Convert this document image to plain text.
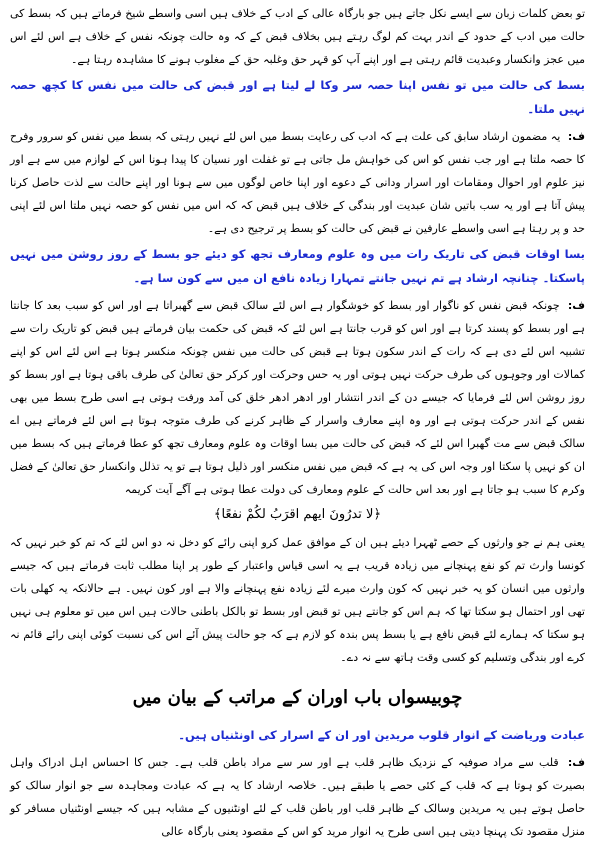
تو بعض کلمات زبان سے ایسے نکل جاتے ہیں جو بارگاہ عالی کے ادب کے خلاف ہیں اسی واسطے شیخ فرماتے ہیں کہ بسط کی حالت میں ادب کے حدود کے اندر بہت کم لوگ رہتے ہیں بخلاف قبض کے کہ وہ حالت چونکہ نفس کے خلاف ہے اس لئے اس میں عجز وانکسار وعبدیت قائم رہتی ہے اور اپنے آپ کو قہر حق وغلبہ حق کے مغلوب ہونے کا مشاہدہ رہتا ہے۔

بسط کی حالت میں تو نفس اپنا حصہ سر وکا لے لیتا ہے اور قبض کی حالت میں نفس کا کچھ حصہ نہیں ملتا۔

ف: یہ مضمون ارشاد سابق کی علت ہے کہ ادب کی رعایت بسط میں اس لئے نہیں رہتی کہ بسط میں نفس کو سرور وفرح کا حصہ ملتا ہے اور جب نفس کو اس کی خواہش مل جاتی ہے تو غفلت اور نسیان کا پیدا ہونا اس کے لوازم میں سے ہے اور نیز علوم اور احوال ومقامات اور اسرار ودانی کے دعوے اور اپنا خاص لوگوں میں سے ہونا اور اپنے حالت سے لذت حاصل کرنا پیش آتا ہے اور یہ سب باتیں شان عبدیت اور بندگی کے خلاف ہیں قبض کہ کہ اس میں نفس کو حصہ نہیں ملتا اس لئے اپنی حد و پر رہتا ہے اسی واسطے عارفین نے قبض کی حالت کو بسط پر ترجیح دی ہے۔

بسا اوقات قبض کی تاریک رات میں وہ علوم ومعارف تجھ کو دیئے جو بسط کے روز روشن میں نہیں پاسکتا۔ چنانچہ ارشاد ہے تم نہیں جانتے تمہارا زیادہ نافع ان میں سے کون سا ہے۔

ف: چونکہ قبض نفس کو ناگوار اور بسط کو خوشگوار ہے اس لئے سالک قبض سے گھبراتا ہے اور اس کو سبب بعد کا جانتا ہے اور بسط کو پسند کرتا ہے اور اس کو قرب جانتا ہے اس لئے کہ قبض کی حکمت بیان فرماتے ہیں قبض کو تاریک رات سے تشبیہ اس لئے دی ہے کہ رات کے اندر سکون ہوتا ہے قبض کی حالت میں نفس چونکہ منکسر ہوتا ہے اس لئے اس کو اپنے کمالات اور وجوہوں کی طرف حرکت نہیں ہوتی اور یہ حس وحرکت اور کرکر حق تعالیٰ کی طرف باقی ہوتا ہے اور بسط کو روز روشن اس لئے فرمایا کہ جیسے دن کے اندر انتشار اور ادھر ادھر خلق کی آمد ورفت ہوتی ہے اسی طرح بسط میں بھی نفس کے اندر حرکت ہوتی ہے اور وہ اپنے معارف واسرار کے ظاہر کرنے کی طرف متوجہ ہوتا ہے اس لئے فرماتے ہیں اے سالک قبض سے مت گھبرا اس لئے کہ قبض کی حالت میں بسا اوقات وہ علوم ومعارف تجھ کو عطا فرماتے ہیں کہ بسط میں ان کو نہیں پا سکتا اور وجہ اس کی یہ ہے کہ قبض میں نفس منکسر اور ذلیل ہوتا ہے تو یہ تذلل وانکسار حق تعالیٰ کے فضل وکرم کا سبب ہو جاتا ہے اور بعد اس حالت کے علوم ومعارف کی دولت عطا ہوتی ہے آگے آیت کریمہ

﴿لا تدرُونَ ایهم اقرَبُ لکُمْ نفعًا﴾

یعنی ہم نے جو وارثوں کے حصے ٹھہرا دیئے ہیں ان کے موافق عمل کرو اپنی رائے کو دخل نہ دو اس لئے کہ تم کو خبر نہیں کہ کونسا وارث تم کو نفع پہنچانے میں زیادہ قریب ہے یہ اسی قیاس واعتبار کے طور پر اپنا مطلب ثابت فرماتے ہیں کہ جیسے وارثوں میں انسان کو یہ خبر نہیں کہ کون وارث میرے لئے زیادہ نفع پہنچانے والا ہے اور کون نہیں۔ ہے حالانکہ یہ کھلی بات تھی اور احتمال ہو سکتا تھا کہ ہم اس کو جانتے ہیں تو قبض اور بسط تو بالکل باطنی حالات ہیں اس میں تو معلوم ہی نہیں ہو سکتا کہ ہمارے لئے قبض نافع ہے یا بسط پس بندہ کو لازم ہے کہ جو حالت پیش آئے اس کی نسبت کوئی اپنی رائے قائم نہ کرے اور بندگی وتسلیم کو کسی وقت ہاتھ سے نہ دے۔

چوبیسواں باب اوران کے مراتب کے بیان میں

عبادت وریاضت کے انوار قلوب مریدین اور ان کے اسرار کی اونٹنیاں ہیں۔

ف: قلب سے مراد صوفیہ کے نزدیک ظاہر قلب ہے اور سر سے مراد باطن قلب ہے۔ جس کا احساس اہل ادراک واہل بصیرت کو ہوتا ہے کہ قلب کے کئی حصے یا طبقے ہیں۔ خلاصہ ارشاد کا یہ ہے کہ عبادت ومجاہدہ سے جو انوار سالک کو حاصل ہوتے ہیں یہ مریدین وسالک کے ظاہر قلب اور باطن قلب کے لئے اونٹنیوں کے مشابہ ہیں کہ جیسے اونٹنیاں مسافر کو منزل مقصود تک پہنچا دیتی ہیں اسی طرح یہ انوار مرید کو اس کے مقصود یعنی بارگاہ عالی
